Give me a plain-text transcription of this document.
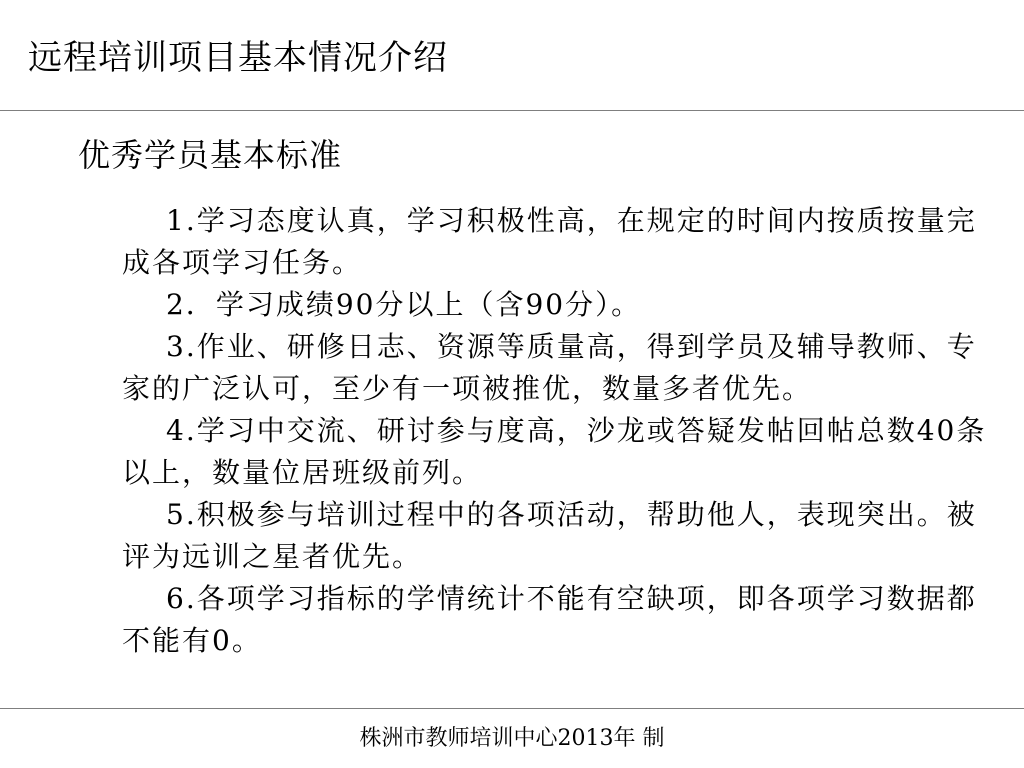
远程培训项目基本情况介绍
优秀学员基本标准
1.学习态度认真，学习积极性高，在规定的时间内按质按量完成各项学习任务。
2．学习成绩90分以上（含90分）。
3.作业、研修日志、资源等质量高，得到学员及辅导教师、专家的广泛认可，至少有一项被推优，数量多者优先。
4.学习中交流、研讨参与度高，沙龙或答疑发帖回帖总数40条以上，数量位居班级前列。
5.积极参与培训过程中的各项活动，帮助他人，表现突出。被评为远训之星者优先。
6.各项学习指标的学情统计不能有空缺项，即各项学习数据都不能有0。
株洲市教师培训中心2013年 制
